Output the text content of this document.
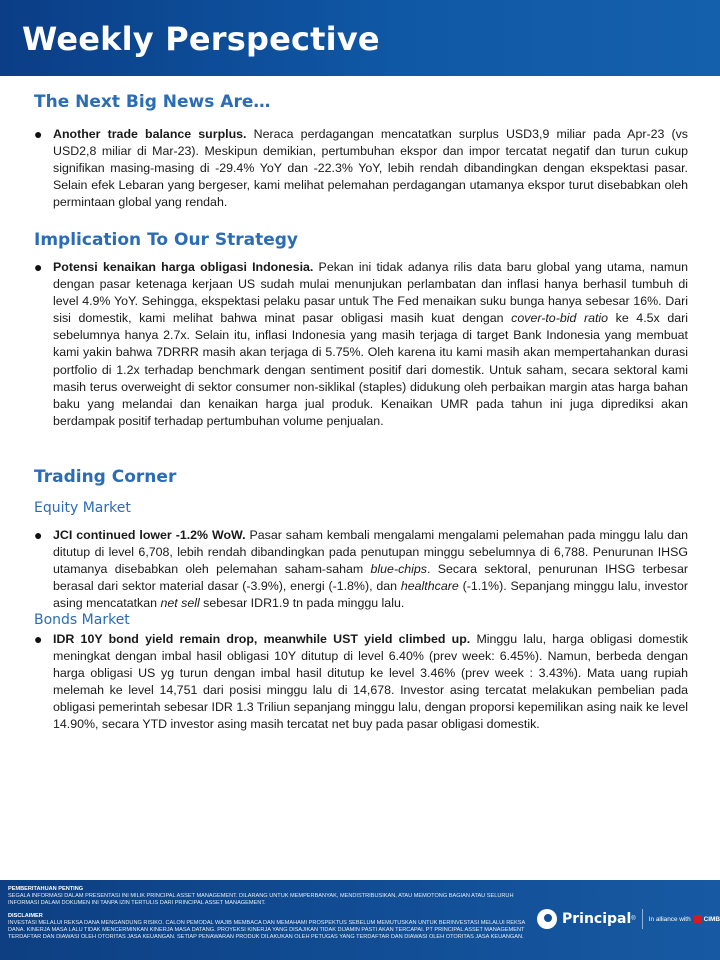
Weekly Perspective
The Next Big News Are…
● Another trade balance surplus. Neraca perdagangan mencatatkan surplus USD3,9 miliar pada Apr-23 (vs USD2,8 miliar di Mar-23). Meskipun demikian, pertumbuhan ekspor dan impor tercatat negatif dan turun cukup signifikan masing-masing di -29.4% YoY dan -22.3% YoY, lebih rendah dibandingkan dengan ekspektasi pasar. Selain efek Lebaran yang bergeser, kami melihat pelemahan perdagangan utamanya ekspor turut disebabkan oleh permintaan global yang rendah.
Implication To Our Strategy
● Potensi kenaikan harga obligasi Indonesia. Pekan ini tidak adanya rilis data baru global yang utama, namun dengan pasar ketenaga kerjaan US sudah mulai menunjukan perlambatan dan inflasi hanya berhasil tumbuh di level 4.9% YoY. Sehingga, ekspektasi pelaku pasar untuk The Fed menaikan suku bunga hanya sebesar 16%. Dari sisi domestik, kami melihat bahwa minat pasar obligasi masih kuat dengan cover-to-bid ratio ke 4.5x dari sebelumnya hanya 2.7x. Selain itu, inflasi Indonesia yang masih terjaga di target Bank Indonesia yang membuat kami yakin bahwa 7DRRR masih akan terjaga di 5.75%. Oleh karena itu kami masih akan mempertahankan durasi portfolio di 1.2x terhadap benchmark dengan sentiment positif dari domestik. Untuk saham, secara sektoral kami masih terus overweight di sektor consumer non-siklikal (staples) didukung oleh perbaikan margin atas harga bahan baku yang melandai dan kenaikan harga jual produk. Kenaikan UMR pada tahun ini juga diprediksi akan berdampak positif terhadap pertumbuhan volume penjualan.
Trading Corner
Equity Market
● JCI continued lower -1.2% WoW. Pasar saham kembali mengalami mengalami pelemahan pada minggu lalu dan ditutup di level 6,708, lebih rendah dibandingkan pada penutupan minggu sebelumnya di 6,788. Penurunan IHSG utamanya disebabkan oleh pelemahan saham-saham blue-chips. Secara sektoral, penurunan IHSG terbesar berasal dari sektor material dasar (-3.9%), energi (-1.8%), dan healthcare (-1.1%). Sepanjang minggu lalu, investor asing mencatatkan net sell sebesar IDR1.9 tn pada minggu lalu.
Bonds Market
● IDR 10Y bond yield remain drop, meanwhile UST yield climbed up. Minggu lalu, harga obligasi domestik meningkat dengan imbal hasil obligasi 10Y ditutup di level 6.40% (prev week: 6.45%). Namun, berbeda dengan harga obligasi US yg turun dengan imbal hasil ditutup ke level 3.46% (prev week : 3.43%). Mata uang rupiah melemah ke level 14,751 dari posisi minggu lalu di 14,678. Investor asing tercatat melakukan pembelian pada obligasi pemerintah sebesar IDR 1.3 Triliun sepanjang minggu lalu, dengan proporsi kepemilikan asing naik ke level 14.90%, secara YTD investor asing masih tercatat net buy pada pasar obligasi domestik.
PEMBERITAHUAN PENTING
SEGALA INFORMASI DALAM PRESENTASI INI MILIK PRINCIPAL ASSET MANAGEMENT. DILARANG UNTUK MEMPERBANYAK, MENDISTRIBUSIKAN, ATAU MEMOTONG BAGIAN ATAU SELURUH INFORMASI DALAM DOKUMEN INI TANPA IZIN TERTULIS DARI PRINCIPAL ASSET MANAGEMENT.
DISCLAIMER
INVESTASI MELALUI REKSA DANA MENGANDUNG RISIKO. CALON PEMODAL WAJIB MEMBACA DAN MEMAHAMI PROSPEKTUS SEBELUM MEMUTUSKAN UNTUK BERINVESTASI MELALUI REKSA DANA. KINERJA MASA LALU TIDAK MENCERMINKAN KINERJA MASA DATANG. PROYEKSI KINERJA YANG DISAJIKAN TIDAK DIJAMIN PASTI AKAN TERCAPAI. PT PRINCIPAL ASSET MANAGEMENT TERDAFTAR DAN DIAWASI OLEH OTORITAS JASA KEUANGAN. SETIAP PENAWARAN PRODUK DILAKUKAN OLEH PETUGAS YANG TERDAFTAR DAN DIAWASI OLEH OTORITAS JASA KEUANGAN.
Principal ® In alliance with CIMB
